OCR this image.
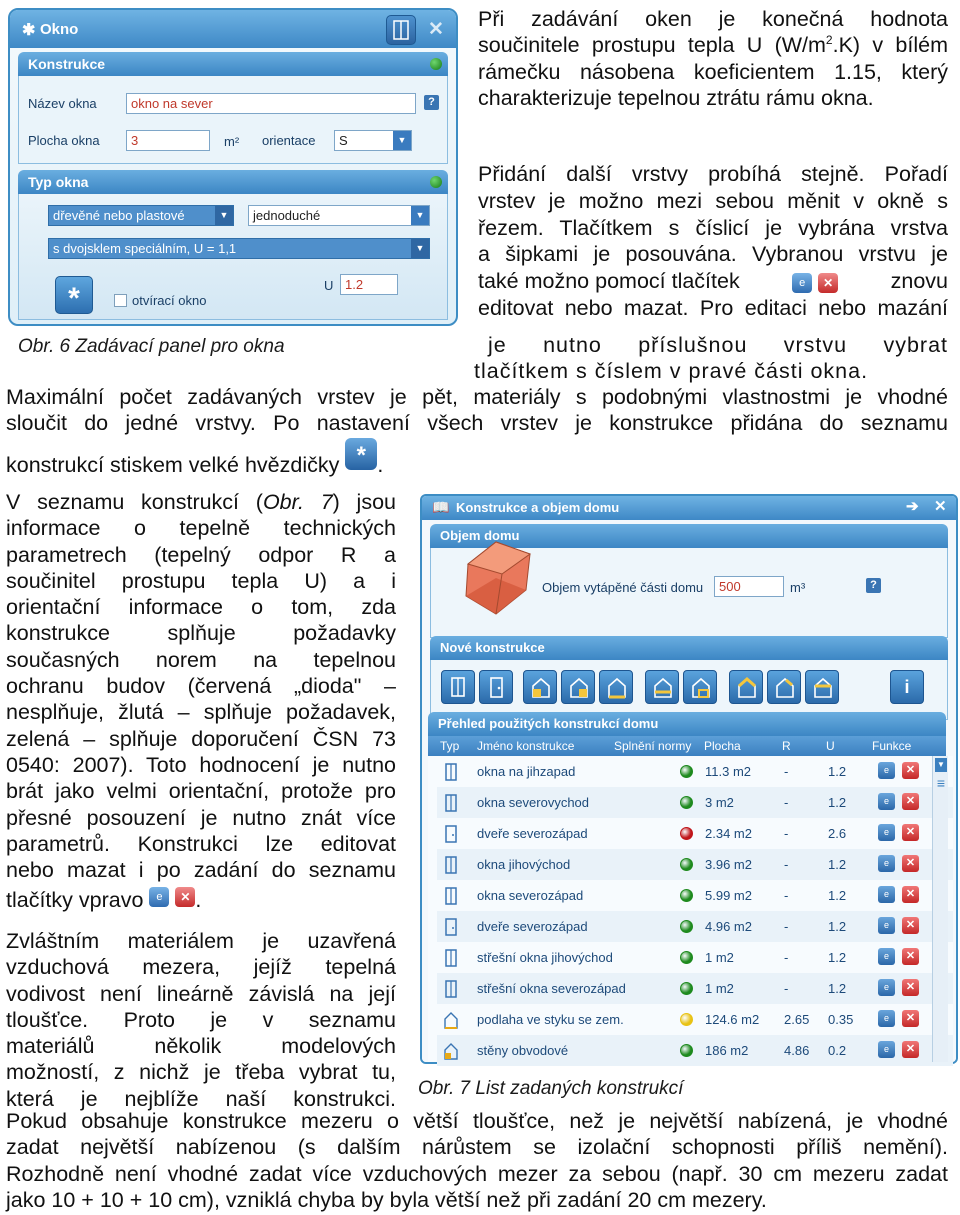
✱ Okno	✕
Konstrukce
Název okna	okno na sever	?
Plocha okna	3	m² orientace	S	▼
Typ okna
dřevěné nebo plastové	▼	jednoduché	▼
s dvojsklem speciálním, U = 1,1	▼
*	otvírací okno
U 1.2
Obr. 6 Zadávací panel pro okna
Při zadávání oken je konečná hodnota
součinitele prostupu tepla U $(W/m^2.K)$ v bílém
rámečku násobena koeficientem 1.15, který
charakterizuje tepelnou ztrátu rámu okna.
Přidání další vrstvy probíhá stejně. Pořadí
vrstev je možno mezi sebou měnit v okně s
řezem. Tlačítkem s číslicí je vybrána vrstva
a šipkami je posouvána. Vybranou vrstvu je
také možno pomocí tlačítek	e ✕	znovu
editovat nebo mazat. Pro editaci nebo mazání
je nutno příslušnou vrstvu vybrat
tlačítkem s číslem v pravé části okna.
Maximální počet zadávaných vrstev je pět, materiály s podobnými vlastnostmi je vhodné
sloučit do jedné vrstvy. Po nastavení všech vrstev je konstrukce přidána do seznamu
konstrukcí stiskem velké hvězdičky * .
V seznamu konstrukcí (Obr. 7) jsou
informace o tepelně technických
parametrech (tepelný odpor R a
součinitel prostupu tepla U) a i
orientační informace o tom, zda
konstrukce splňuje požadavky
současných norem na tepelnou
ochranu budov (červená „dioda" –
nesplňuje, žlutá – splňuje požadavek,
zelená – splňuje doporučení ČSN 73
0540: 2007). Toto hodnocení je nutno
brát jako velmi orientační, protože pro
přesné posouzení je nutno znát více
parametrů. Konstrukci lze editovat
nebo mazat i po zadání do seznamu
tlačítky vpravo e ✕ .
Zvláštním materiálem je uzavřená
vzduchová mezera, jejíž tepelná
vodivost není lineárně závislá na její
tloušťce. Proto je v seznamu
materiálů několik modelových
možností, z nichž je třeba vybrat tu,
která je nejblíže naší konstrukci.
📖 Konstrukce a objem domu	➔ ✕
Objem domu
Objem vytápěné části domu	500	m³	?
Nové konstrukce
i
Přehled použitých konstrukcí domu
Typ Jméno konstrukce	Splnění normy Plocha	R	U	Funkce
okna na jihzapad	11.3 m2	-	1.2	e	✕
okna severovychod	3 m2	-	1.2	e	✕
dveře severozápad	2.34 m2 -	2.6	e	✕
okna jihovýchod	3.96 m2 -	1.2	e	✕
okna severozápad	5.99 m2 -	1.2	e	✕
dveře severozápad	4.96 m2 -	1.2	e	✕
střešní okna jihovýchod	1 m2	-	1.2	e	✕
střešní okna severozápad	1 m2	-	1.2	e	✕
podlaha ve styku se zem.	124.6 m2 2.65 0.35	e	✕
stěny obvodové	186 m2	4.86 0.2	e	✕
▼
≡
Obr. 7 List zadaných konstrukcí
Pokud obsahuje konstrukce mezeru o větší tloušťce, než je největší nabízená, je vhodné
zadat největší nabízenou (s dalším nárůstem se izolační schopnosti příliš nemění).
Rozhodně není vhodné zadat více vzduchových mezer za sebou (např. 30 cm mezeru zadat
jako 10 + 10 + 10 cm), vzniklá chyba by byla větší než při zadání 20 cm mezery.
